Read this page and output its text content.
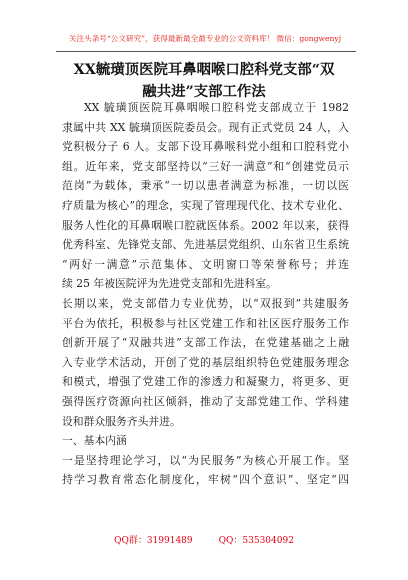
关注头条号“公文研究”，获得最新最全最专业的公文资料库！ 微信：gongwenyj
XX毓璜顶医院耳鼻咽喉口腔科党支部“双
融共进”支部工作法
XX 毓璜顶医院耳鼻咽喉口腔科党支部成立于 1982
隶属中共 XX 毓璜顶医院委员会。现有正式党员 24 人，入
党积极分子 6 人。支部下设耳鼻喉科党小组和口腔科党小
组。近年来，党支部坚持以“三好一满意”和“创建党员示
范岗”为载体，秉承“一切以患者满意为标准，一切以医
疗质量为核心”的理念，实现了管理现代化、技术专业化、
服务人性化的耳鼻咽喉口腔就医体系。2002 年以来，获得
优秀科室、先锋党支部、先进基层党组织、山东省卫生系统
“两好一满意”示范集体、文明窗口等荣誉称号；并连
续 25 年被医院评为先进党支部和先进科室。
长期以来，党支部借力专业优势，以“双报到”共建服务
平台为依托，积极参与社区党建工作和社区医疗服务工作
创新开展了“双融共进”支部工作法，在党建基础之上融
入专业学术活动，开创了党的基层组织特色党建服务理念
和模式，增强了党建工作的渗透力和凝聚力，将更多、更
强得医疗资源向社区倾斜，推动了支部党建工作、学科建
设和群众服务齐头并进。
一、基本内涵
一是坚持理论学习，以“为民服务”为核心开展工作。坚
持学习教育常态化制度化，牢树“四个意识”、坚定“四
QQ群：31991489	QQ：535304092
